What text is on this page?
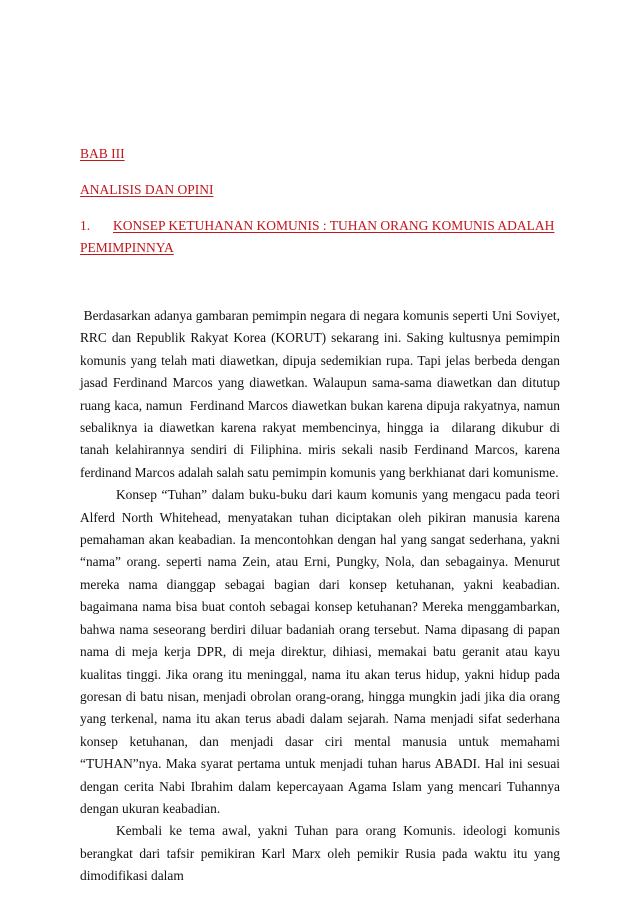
BAB III

ANALISIS DAN OPINI

1. KONSEP KETUHANAN KOMUNIS : TUHAN ORANG KOMUNIS ADALAH PEMIMPINNYA

Berdasarkan adanya gambaran pemimpin negara di negara komunis seperti Uni Soviyet, RRC dan Republik Rakyat Korea (KORUT) sekarang ini. Saking kultusnya pemimpin komunis yang telah mati diawetkan, dipuja sedemikian rupa. Tapi jelas berbeda dengan jasad Ferdinand Marcos yang diawetkan. Walaupun sama-sama diawetkan dan ditutup ruang kaca, namun  Ferdinand Marcos diawetkan bukan karena dipuja rakyatnya, namun sebaliknya ia diawetkan karena rakyat membencinya, hingga ia  dilarang dikubur di tanah kelahirannya sendiri di Filiphina. miris sekali nasib Ferdinand Marcos, karena ferdinand Marcos adalah salah satu pemimpin komunis yang berkhianat dari komunisme.

Konsep “Tuhan” dalam buku-buku dari kaum komunis yang mengacu pada teori Alferd North Whitehead, menyatakan tuhan diciptakan oleh pikiran manusia karena pemahaman akan keabadian. Ia mencontohkan dengan hal yang sangat sederhana, yakni “nama” orang. seperti nama Zein, atau Erni, Pungky, Nola, dan sebagainya. Menurut mereka nama dianggap sebagai bagian dari konsep ketuhanan, yakni keabadian. bagaimana nama bisa buat contoh sebagai konsep ketuhanan? Mereka menggambarkan, bahwa nama seseorang berdiri diluar badaniah orang tersebut. Nama dipasang di papan nama di meja kerja DPR, di meja direktur, dihiasi, memakai batu geranit atau kayu kualitas tinggi. Jika orang itu meninggal, nama itu akan terus hidup, yakni hidup pada goresan di batu nisan, menjadi obrolan orang-orang, hingga mungkin jadi jika dia orang yang terkenal, nama itu akan terus abadi dalam sejarah. Nama menjadi sifat sederhana konsep ketuhanan, dan menjadi dasar ciri mental manusia untuk memahami “TUHAN”nya. Maka syarat pertama untuk menjadi tuhan harus ABADI. Hal ini sesuai dengan cerita Nabi Ibrahim dalam kepercayaan Agama Islam yang mencari Tuhannya dengan ukuran keabadian.

Kembali ke tema awal, yakni Tuhan para orang Komunis. ideologi komunis berangkat dari tafsir pemikiran Karl Marx oleh pemikir Rusia pada waktu itu yang dimodifikasi dalam
